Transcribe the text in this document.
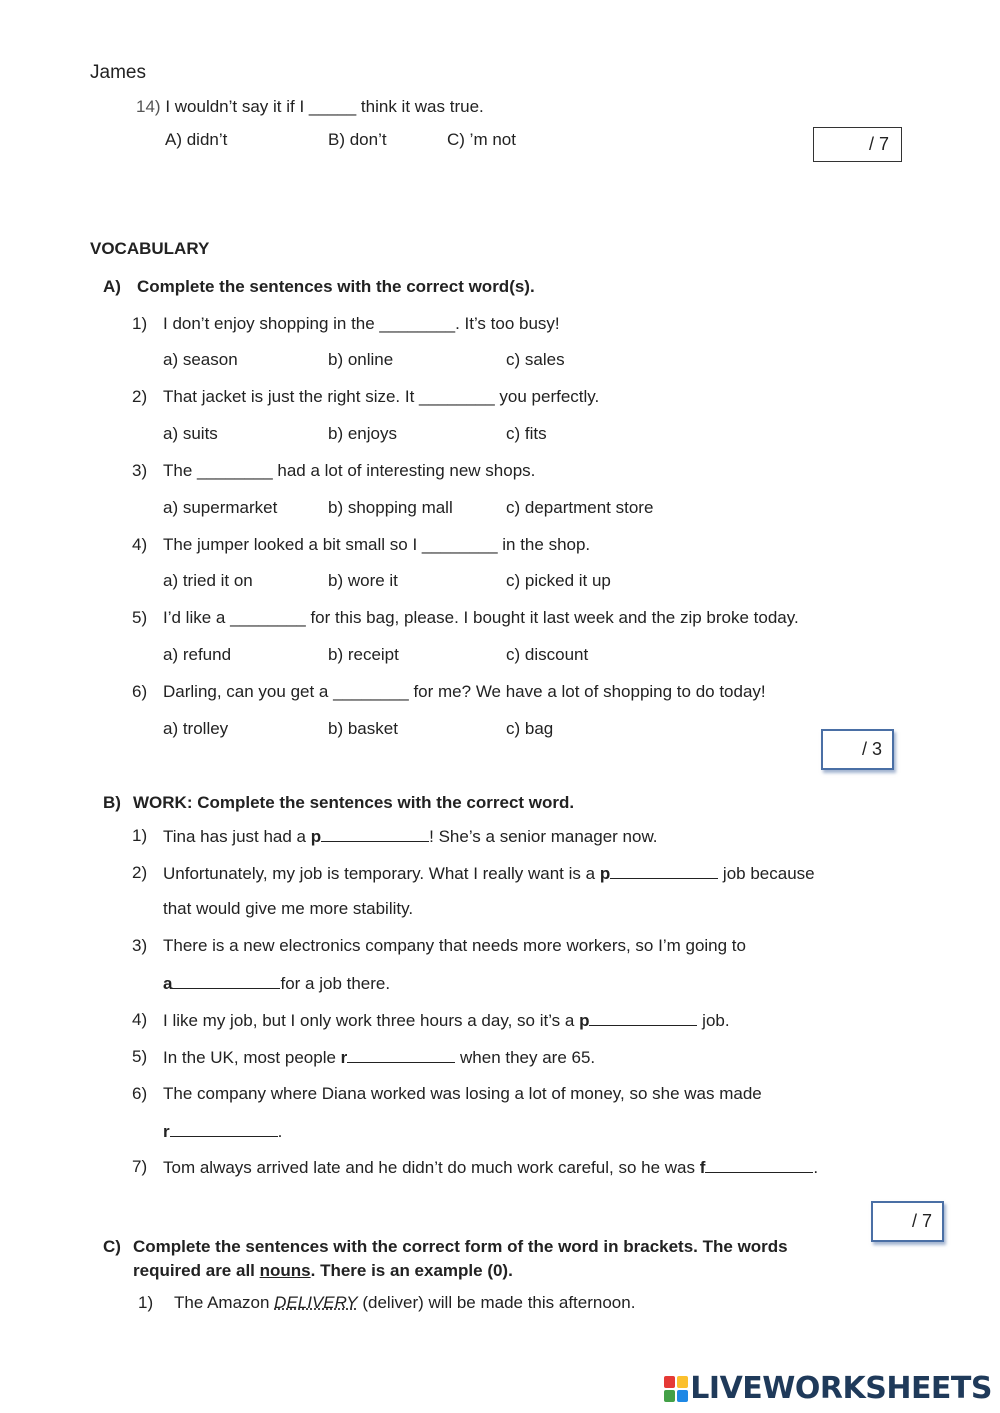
James
14) I wouldn’t say it if I _____ think it was true.
A) didn’t	B) don’t	C) ’m not	/ 7
VOCABULARY
A) Complete the sentences with the correct word(s).
1) I don’t enjoy shopping in the ________. It’s too busy!
a) season	b) online	c) sales
2) That jacket is just the right size. It ________ you perfectly.
a) suits	b) enjoys	c) fits
3) The ________ had a lot of interesting new shops.
a) supermarket	b) shopping mall	c) department store
4) The jumper looked a bit small so I ________ in the shop.
a) tried it on	b) wore it	c) picked it up
5) I’d like a ________ for this bag, please. I bought it last week and the zip broke today.
a) refund	b) receipt	c) discount
6) Darling, can you get a ________ for me? We have a lot of shopping to do today!
a) trolley	b) basket	c) bag
/ 3
B) WORK: Complete the sentences with the correct word.
1) Tina has just had a p	! She’s a senior manager now.
2) Unfortunately, my job is temporary. What I really want is a p	job because
that would give me more stability.
3) There is a new electronics company that needs more workers, so I’m going to
a	for a job there.
4) I like my job, but I only work three hours a day, so it’s a p	job.
5) In the UK, most people r	when they are 65.
6) The company where Diana worked was losing a lot of money, so she was made
r	.
7) Tom always arrived late and he didn’t do much work careful, so he was f	.
/ 7
C) Complete the sentences with the correct form of the word in brackets. The words
required are all nouns. There is an example (0).
1) The Amazon DELIVERY (deliver) will be made this afternoon.
LIVEWORKSHEETS
